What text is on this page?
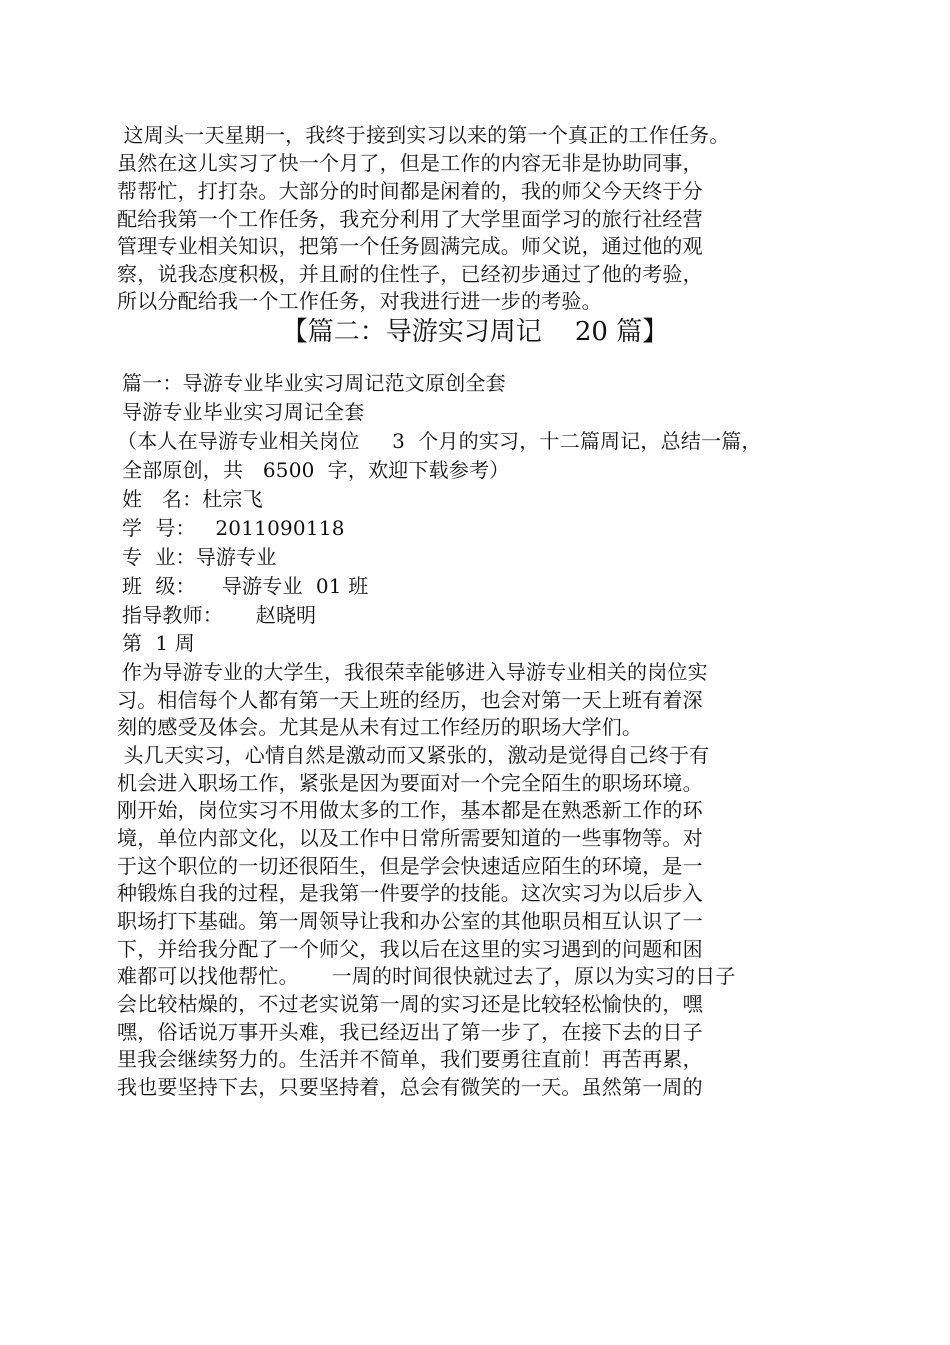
这周头一天星期一，我终于接到实习以来的第一个真正的工作任务。
虽然在这儿实习了快一个月了，但是工作的内容无非是协助同事，
帮帮忙，打打杂。大部分的时间都是闲着的，我的师父今天终于分
配给我第一个工作任务，我充分利用了大学里面学习的旅行社经营
管理专业相关知识，把第一个任务圆满完成。师父说，通过他的观
察，说我态度积极，并且耐的住性子，已经初步通过了他的考验，
所以分配给我一个工作任务，对我进行进一步的考验。
【篇二：导游实习周记    20 篇】
篇一：导游专业毕业实习周记范文原创全套
导游专业毕业实习周记全套
（本人在导游专业相关岗位     3  个月的实习，十二篇周记，总结一篇，
全部原创，共   6500  字，欢迎下载参考）
姓   名：杜宗飞
学  号：   2011090118
专  业：导游专业
班  级：    导游专业  01 班
指导教师：     赵晓明
第  1 周
作为导游专业的大学生，我很荣幸能够进入导游专业相关的岗位实
习。相信每个人都有第一天上班的经历，也会对第一天上班有着深
刻的感受及体会。尤其是从未有过工作经历的职场大学们。
头几天实习，心情自然是激动而又紧张的，激动是觉得自己终于有
机会进入职场工作，紧张是因为要面对一个完全陌生的职场环境。
刚开始，岗位实习不用做太多的工作，基本都是在熟悉新工作的环
境，单位内部文化，以及工作中日常所需要知道的一些事物等。对
于这个职位的一切还很陌生，但是学会快速适应陌生的环境，是一
种锻炼自我的过程，是我第一件要学的技能。这次实习为以后步入
职场打下基础。第一周领导让我和办公室的其他职员相互认识了一
下，并给我分配了一个师父，我以后在这里的实习遇到的问题和困
难都可以找他帮忙。     一周的时间很快就过去了，原以为实习的日子
会比较枯燥的，不过老实说第一周的实习还是比较轻松愉快的，嘿
嘿，俗话说万事开头难，我已经迈出了第一步了，在接下去的日子
里我会继续努力的。生活并不简单，我们要勇往直前！再苦再累，
我也要坚持下去，只要坚持着，总会有微笑的一天。虽然第一周的
